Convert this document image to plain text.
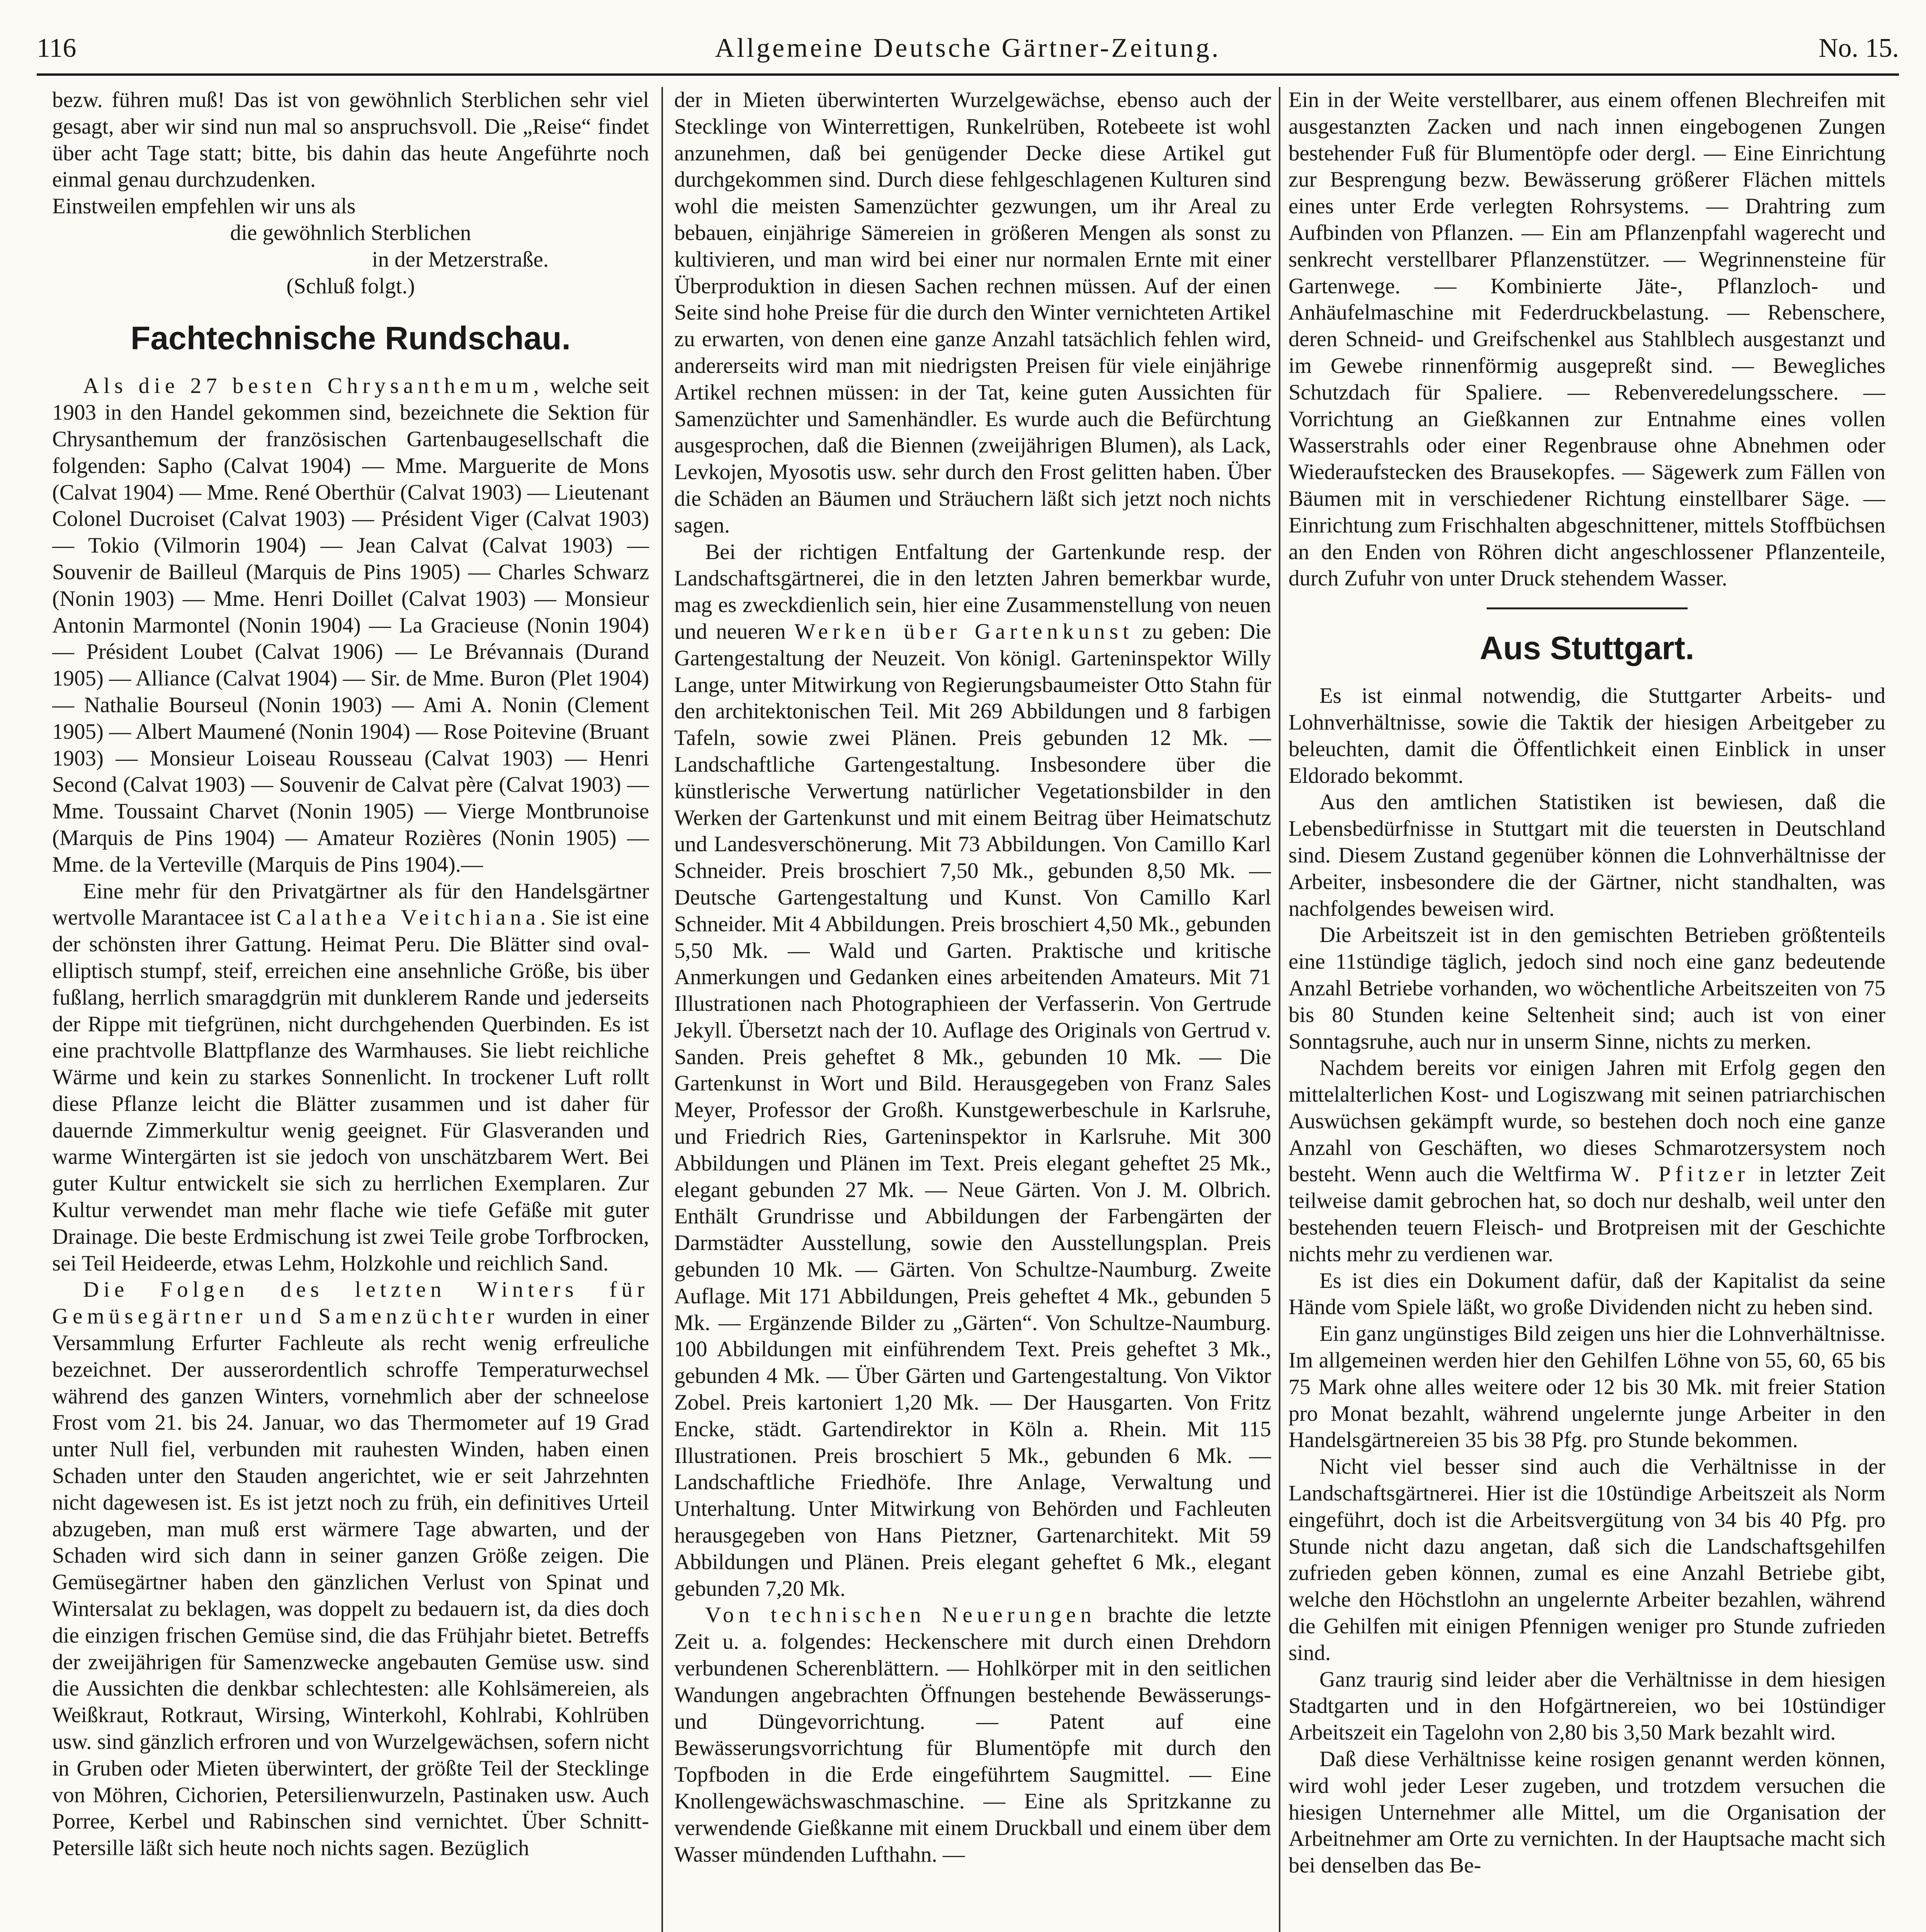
116	Allgemeine Deutsche Gärtner-Zeitung.	No. 15.

bezw. führen muß! Das ist von gewöhnlich Sterblichen sehr viel gesagt, aber wir sind nun mal so anspruchsvoll. Die „Reise“ findet über acht Tage statt; bitte, bis dahin das heute Angeführte noch einmal genau durchzudenken.

Einstweilen empfehlen wir uns als

die gewöhnlich Sterblichen

in der Metzerstraße.

(Schluß folgt.)

Fachtechnische Rundschau.

Als die 27 besten Chrysanthemum, welche seit 1903 in den Handel gekommen sind, bezeichnete die Sektion für Chrysanthemum der französischen Gartenbaugesellschaft die folgenden: Sapho (Calvat 1904) — Mme. Marguerite de Mons (Calvat 1904) — Mme. René Oberthür (Calvat 1903) — Lieutenant Colonel Ducroiset (Calvat 1903) — Président Viger (Calvat 1903) — Tokio (Vilmorin 1904) — Jean Calvat (Calvat 1903) — Souvenir de Bailleul (Marquis de Pins 1905) — Charles Schwarz (Nonin 1903) — Mme. Henri Doillet (Calvat 1903) — Monsieur Antonin Marmontel (Nonin 1904) — La Gracieuse (Nonin 1904) — Président Loubet (Calvat 1906) — Le Brévannais (Durand 1905) — Alliance (Calvat 1904) — Sir. de Mme. Buron (Plet 1904) — Nathalie Bourseul (Nonin 1903) — Ami A. Nonin (Clement 1905) — Albert Maumené (Nonin 1904) — Rose Poitevine (Bruant 1903) — Monsieur Loiseau Rousseau (Calvat 1903) — Henri Second (Calvat 1903) — Souvenir de Calvat père (Calvat 1903) — Mme. Toussaint Charvet (Nonin 1905) — Vierge Montbrunoise (Marquis de Pins 1904) — Amateur Rozières (Nonin 1905) — Mme. de la Verteville (Marquis de Pins 1904).—

Eine mehr für den Privatgärtner als für den Handelsgärtner wertvolle Marantacee ist Calathea Veitchiana. Sie ist eine der schönsten ihrer Gattung. Heimat Peru. Die Blätter sind oval-elliptisch stumpf, steif, erreichen eine ansehnliche Größe, bis über fußlang, herrlich smaragdgrün mit dunklerem Rande und jederseits der Rippe mit tiefgrünen, nicht durchgehenden Querbinden. Es ist eine prachtvolle Blattpflanze des Warmhauses. Sie liebt reichliche Wärme und kein zu starkes Sonnenlicht. In trockener Luft rollt diese Pflanze leicht die Blätter zusammen und ist daher für dauernde Zimmerkultur wenig geeignet. Für Glasveranden und warme Wintergärten ist sie jedoch von unschätzbarem Wert. Bei guter Kultur entwickelt sie sich zu herrlichen Exemplaren. Zur Kultur verwendet man mehr flache wie tiefe Gefäße mit guter Drainage. Die beste Erdmischung ist zwei Teile grobe Torfbrocken, sei Teil Heideerde, etwas Lehm, Holzkohle und reichlich Sand.

Die Folgen des letzten Winters für Gemüsegärtner und Samenzüchter wurden in einer Versammlung Erfurter Fachleute als recht wenig erfreuliche bezeichnet. Der ausserordentlich schroffe Temperaturwechsel während des ganzen Winters, vornehmlich aber der schneelose Frost vom 21. bis 24. Januar, wo das Thermometer auf 19 Grad unter Null fiel, verbunden mit rauhesten Winden, haben einen Schaden unter den Stauden angerichtet, wie er seit Jahrzehnten nicht dagewesen ist. Es ist jetzt noch zu früh, ein definitives Urteil abzugeben, man muß erst wärmere Tage abwarten, und der Schaden wird sich dann in seiner ganzen Größe zeigen. Die Gemüsegärtner haben den gänzlichen Verlust von Spinat und Wintersalat zu beklagen, was doppelt zu bedauern ist, da dies doch die einzigen frischen Gemüse sind, die das Frühjahr bietet. Betreffs der zweijährigen für Samenzwecke angebauten Gemüse usw. sind die Aussichten die denkbar schlechtesten: alle Kohlsämereien, als Weißkraut, Rotkraut, Wirsing, Winterkohl, Kohlrabi, Kohlrüben usw. sind gänzlich erfroren und von Wurzelgewächsen, sofern nicht in Gruben oder Mieten überwintert, der größte Teil der Stecklinge von Möhren, Cichorien, Petersilienwurzeln, Pastinaken usw. Auch Porree, Kerbel und Rabinschen sind vernichtet. Über Schnitt-Petersille läßt sich heute noch nichts sagen. Bezüglich

der in Mieten überwinterten Wurzelgewächse, ebenso auch der Stecklinge von Winterrettigen, Runkelrüben, Rotebeete ist wohl anzunehmen, daß bei genügender Decke diese Artikel gut durchgekommen sind. Durch diese fehlgeschlagenen Kulturen sind wohl die meisten Samenzüchter gezwungen, um ihr Areal zu bebauen, einjährige Sämereien in größeren Mengen als sonst zu kultivieren, und man wird bei einer nur normalen Ernte mit einer Überproduktion in diesen Sachen rechnen müssen. Auf der einen Seite sind hohe Preise für die durch den Winter vernichteten Artikel zu erwarten, von denen eine ganze Anzahl tatsächlich fehlen wird, andererseits wird man mit niedrigsten Preisen für viele einjährige Artikel rechnen müssen: in der Tat, keine guten Aussichten für Samenzüchter und Samenhändler. Es wurde auch die Befürchtung ausgesprochen, daß die Biennen (zweijährigen Blumen), als Lack, Levkojen, Myosotis usw. sehr durch den Frost gelitten haben. Über die Schäden an Bäumen und Sträuchern läßt sich jetzt noch nichts sagen.

Bei der richtigen Entfaltung der Gartenkunde resp. der Landschaftsgärtnerei, die in den letzten Jahren bemerkbar wurde, mag es zweckdienlich sein, hier eine Zusammenstellung von neuen und neueren Werken über Gartenkunst zu geben: Die Gartengestaltung der Neuzeit. Von königl. Garteninspektor Willy Lange, unter Mitwirkung von Regierungsbaumeister Otto Stahn für den architektonischen Teil. Mit 269 Abbildungen und 8 farbigen Tafeln, sowie zwei Plänen. Preis gebunden 12 Mk. — Landschaftliche Gartengestaltung. Insbesondere über die künstlerische Verwertung natürlicher Vegetationsbilder in den Werken der Gartenkunst und mit einem Beitrag über Heimatschutz und Landesverschönerung. Mit 73 Abbildungen. Von Camillo Karl Schneider. Preis broschiert 7,50 Mk., gebunden 8,50 Mk. — Deutsche Gartengestaltung und Kunst. Von Camillo Karl Schneider. Mit 4 Abbildungen. Preis broschiert 4,50 Mk., gebunden 5,50 Mk. — Wald und Garten. Praktische und kritische Anmerkungen und Gedanken eines arbeitenden Amateurs. Mit 71 Illustrationen nach Photographieen der Verfasserin. Von Gertrude Jekyll. Übersetzt nach der 10. Auflage des Originals von Gertrud v. Sanden. Preis geheftet 8 Mk., gebunden 10 Mk. — Die Gartenkunst in Wort und Bild. Herausgegeben von Franz Sales Meyer, Professor der Großh. Kunstgewerbeschule in Karlsruhe, und Friedrich Ries, Garteninspektor in Karlsruhe. Mit 300 Abbildungen und Plänen im Text. Preis elegant geheftet 25 Mk., elegant gebunden 27 Mk. — Neue Gärten. Von J. M. Olbrich. Enthält Grundrisse und Abbildungen der Farbengärten der Darmstädter Ausstellung, sowie den Ausstellungsplan. Preis gebunden 10 Mk. — Gärten. Von Schultze-Naumburg. Zweite Auflage. Mit 171 Abbildungen, Preis geheftet 4 Mk., gebunden 5 Mk. — Ergänzende Bilder zu „Gärten“. Von Schultze-Naumburg. 100 Abbildungen mit einführendem Text. Preis geheftet 3 Mk., gebunden 4 Mk. — Über Gärten und Gartengestaltung. Von Viktor Zobel. Preis kartoniert 1,20 Mk. — Der Hausgarten. Von Fritz Encke, städt. Gartendirektor in Köln a. Rhein. Mit 115 Illustrationen. Preis broschiert 5 Mk., gebunden 6 Mk. — Landschaftliche Friedhöfe. Ihre Anlage, Verwaltung und Unterhaltung. Unter Mitwirkung von Behörden und Fachleuten herausgegeben von Hans Pietzner, Gartenarchitekt. Mit 59 Abbildungen und Plänen. Preis elegant geheftet 6 Mk., elegant gebunden 7,20 Mk.

Von technischen Neuerungen brachte die letzte Zeit u. a. folgendes: Heckenschere mit durch einen Drehdorn verbundenen Scherenblättern. — Hohlkörper mit in den seitlichen Wandungen angebrachten Öffnungen bestehende Bewässerungs- und Düngevorrichtung. — Patent auf eine Bewässerungsvorrichtung für Blumentöpfe mit durch den Topfboden in die Erde eingeführtem Saugmittel. — Eine Knollengewächswaschmaschine. — Eine als Spritzkanne zu verwendende Gießkanne mit einem Druckball und einem über dem Wasser mündenden Lufthahn. —

Ein in der Weite verstellbarer, aus einem offenen Blechreifen mit ausgestanzten Zacken und nach innen eingebogenen Zungen bestehender Fuß für Blumentöpfe oder dergl. — Eine Einrichtung zur Besprengung bezw. Bewässerung größerer Flächen mittels eines unter Erde verlegten Rohrsystems. — Drahtring zum Aufbinden von Pflanzen. — Ein am Pflanzenpfahl wagerecht und senkrecht verstellbarer Pflanzenstützer. — Wegrinnensteine für Gartenwege. — Kombinierte Jäte-, Pflanzloch- und Anhäufelmaschine mit Federdruckbelastung. — Rebenschere, deren Schneid- und Greifschenkel aus Stahlblech ausgestanzt und im Gewebe rinnenförmig ausgepreßt sind. — Bewegliches Schutzdach für Spaliere. — Rebenveredelungsschere. — Vorrichtung an Gießkannen zur Entnahme eines vollen Wasserstrahls oder einer Regenbrause ohne Abnehmen oder Wiederaufstecken des Brausekopfes. — Sägewerk zum Fällen von Bäumen mit in verschiedener Richtung einstellbarer Säge. — Einrichtung zum Frischhalten abgeschnittener, mittels Stoffbüchsen an den Enden von Röhren dicht angeschlossener Pflanzenteile, durch Zufuhr von unter Druck stehendem Wasser.

Aus Stuttgart.

Es ist einmal notwendig, die Stuttgarter Arbeits- und Lohnverhältnisse, sowie die Taktik der hiesigen Arbeitgeber zu beleuchten, damit die Öffentlichkeit einen Einblick in unser Eldorado bekommt.

Aus den amtlichen Statistiken ist bewiesen, daß die Lebensbedürfnisse in Stuttgart mit die teuersten in Deutschland sind. Diesem Zustand gegenüber können die Lohnverhältnisse der Arbeiter, insbesondere die der Gärtner, nicht standhalten, was nachfolgendes beweisen wird.

Die Arbeitszeit ist in den gemischten Betrieben größtenteils eine 11stündige täglich, jedoch sind noch eine ganz bedeutende Anzahl Betriebe vorhanden, wo wöchentliche Arbeitszeiten von 75 bis 80 Stunden keine Seltenheit sind; auch ist von einer Sonntagsruhe, auch nur in unserm Sinne, nichts zu merken.

Nachdem bereits vor einigen Jahren mit Erfolg gegen den mittelalterlichen Kost- und Logiszwang mit seinen patriarchischen Auswüchsen gekämpft wurde, so bestehen doch noch eine ganze Anzahl von Geschäften, wo dieses Schmarotzersystem noch besteht. Wenn auch die Weltfirma W. Pfitzer in letzter Zeit teilweise damit gebrochen hat, so doch nur deshalb, weil unter den bestehenden teuern Fleisch- und Brotpreisen mit der Geschichte nichts mehr zu verdienen war.

Es ist dies ein Dokument dafür, daß der Kapitalist da seine Hände vom Spiele läßt, wo große Dividenden nicht zu heben sind.

Ein ganz ungünstiges Bild zeigen uns hier die Lohnverhältnisse. Im allgemeinen werden hier den Gehilfen Löhne von 55, 60, 65 bis 75 Mark ohne alles weitere oder 12 bis 30 Mk. mit freier Station pro Monat bezahlt, während ungelernte junge Arbeiter in den Handelsgärtnereien 35 bis 38 Pfg. pro Stunde bekommen.

Nicht viel besser sind auch die Verhältnisse in der Landschaftsgärtnerei. Hier ist die 10stündige Arbeitszeit als Norm eingeführt, doch ist die Arbeitsvergütung von 34 bis 40 Pfg. pro Stunde nicht dazu angetan, daß sich die Landschaftsgehilfen zufrieden geben können, zumal es eine Anzahl Betriebe gibt, welche den Höchstlohn an ungelernte Arbeiter bezahlen, während die Gehilfen mit einigen Pfennigen weniger pro Stunde zufrieden sind.

Ganz traurig sind leider aber die Verhältnisse in dem hiesigen Stadtgarten und in den Hofgärtnereien, wo bei 10stündiger Arbeitszeit ein Tagelohn von 2,80 bis 3,50 Mark bezahlt wird.

Daß diese Verhältnisse keine rosigen genannt werden können, wird wohl jeder Leser zugeben, und trotzdem versuchen die hiesigen Unternehmer alle Mittel, um die Organisation der Arbeitnehmer am Orte zu vernichten. In der Hauptsache macht sich bei denselben das Be-
